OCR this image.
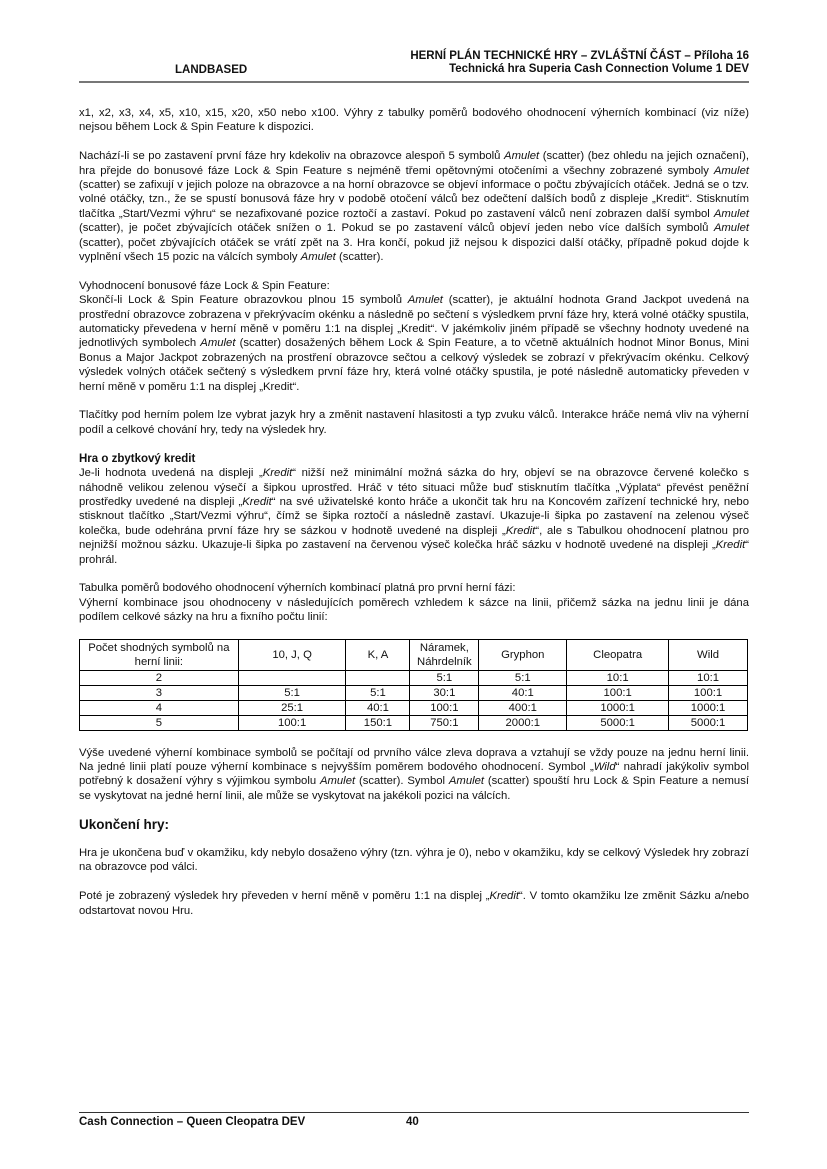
LANDBASED
HERNÍ PLÁN TECHNICKÉ HRY – ZVLÁŠTNÍ ČÁST – Příloha 16
Technická hra Superia Cash Connection Volume 1 DEV

x1, x2, x3, x4, x5, x10, x15, x20, x50 nebo x100. Výhry z tabulky poměrů bodového ohodnocení výherních kombinací (viz níže) nejsou během Lock & Spin Feature k dispozici.

Nachází-li se po zastavení první fáze hry kdekoliv na obrazovce alespoň 5 symbolů Amulet (scatter) (bez ohledu na jejich označení), hra přejde do bonusové fáze Lock & Spin Feature s nejméně třemi opětovnými otočeními a všechny zobrazené symboly Amulet (scatter) se zafixují v jejich poloze na obrazovce a na horní obrazovce se objeví informace o počtu zbývajících otáček. Jedná se o tzv. volné otáčky, tzn., že se spustí bonusová fáze hry v podobě otočení válců bez odečtení dalších bodů z displeje „Kredit“. Stisknutím tlačítka „Start/Vezmi výhru“ se nezafixované pozice roztočí a zastaví. Pokud po zastavení válců není zobrazen další symbol Amulet (scatter), je počet zbývajících otáček snížen o 1. Pokud se po zastavení válců objeví jeden nebo více dalších symbolů Amulet (scatter), počet zbývajících otáček se vrátí zpět na 3. Hra končí, pokud již nejsou k dispozici další otáčky, případně pokud dojde k vyplnění všech 15 pozic na válcích symboly Amulet (scatter).

Vyhodnocení bonusové fáze Lock & Spin Feature:

Skončí-li Lock & Spin Feature obrazovkou plnou 15 symbolů Amulet (scatter), je aktuální hodnota Grand Jackpot uvedená na prostřední obrazovce zobrazena v překrývacím okénku a následně po sečtení s výsledkem první fáze hry, která volné otáčky spustila, automaticky převedena v herní měně v poměru 1:1 na displej „Kredit“. V jakémkoliv jiném případě se všechny hodnoty uvedené na jednotlivých symbolech Amulet (scatter) dosažených během Lock & Spin Feature, a to včetně aktuálních hodnot Minor Bonus, Mini Bonus a Major Jackpot zobrazených na prostření obrazovce sečtou a celkový výsledek se zobrazí v překrývacím okénku. Celkový výsledek volných otáček sečtený s výsledkem první fáze hry, která volné otáčky spustila, je poté následně automaticky převeden v herní měně v poměru 1:1 na displej „Kredit“.

Tlačítky pod herním polem lze vybrat jazyk hry a změnit nastavení hlasitosti a typ zvuku válců. Interakce hráče nemá vliv na výherní podíl a celkové chování hry, tedy na výsledek hry.

Hra o zbytkový kredit

Je-li hodnota uvedená na displeji „Kredit“ nižší než minimální možná sázka do hry, objeví se na obrazovce červené kolečko s náhodně velikou zelenou výsečí a šipkou uprostřed. Hráč v této situaci může buď stisknutím tlačítka „Výplata“ převést peněžní prostředky uvedené na displeji „Kredit“ na své uživatelské konto hráče a ukončit tak hru na Koncovém zařízení technické hry, nebo stisknout tlačítko „Start/Vezmi výhru“, čímž se šipka roztočí a následně zastaví. Ukazuje-li šipka po zastavení na zelenou výseč kolečka, bude odehrána první fáze hry se sázkou v hodnotě uvedené na displeji „Kredit“, ale s Tabulkou ohodnocení platnou pro nejnižší možnou sázku. Ukazuje-li šipka po zastavení na červenou výseč kolečka hráč sázku v hodnotě uvedené na displeji „Kredit“ prohrál.

Tabulka poměrů bodového ohodnocení výherních kombinací platná pro první herní fázi:

Výherní kombinace jsou ohodnoceny v následujících poměrech vzhledem k sázce na linii, přičemž sázka na jednu linii je dána podílem celkové sázky na hru a fixního počtu linií:

Počet shodných symbolů na herní linii:	10, J, Q	K, A	Náramek, Náhrdelník	Gryphon	Cleopatra	Wild
2			5:1	5:1	10:1	10:1
3	5:1	5:1	30:1	40:1	100:1	100:1
4	25:1	40:1	100:1	400:1	1000:1	1000:1
5	100:1	150:1	750:1	2000:1	5000:1	5000:1

Výše uvedené výherní kombinace symbolů se počítají od prvního válce zleva doprava a vztahují se vždy pouze na jednu herní linii. Na jedné linii platí pouze výherní kombinace s nejvyšším poměrem bodového ohodnocení. Symbol „Wild“ nahradí jakýkoliv symbol potřebný k dosažení výhry s výjimkou symbolu Amulet (scatter). Symbol Amulet (scatter) spouští hru Lock & Spin Feature a nemusí se vyskytovat na jedné herní linii, ale může se vyskytovat na jakékoli pozici na válcích.

Ukončení hry:

Hra je ukončena buď v okamžiku, kdy nebylo dosaženo výhry (tzn. výhra je 0), nebo v okamžiku, kdy se celkový Výsledek hry zobrazí na obrazovce pod válci.

Poté je zobrazený výsledek hry převeden v herní měně v poměru 1:1 na displej „Kredit“. V tomto okamžiku lze změnit Sázku a/nebo odstartovat novou Hru.

Cash Connection – Queen Cleopatra DEV	40
